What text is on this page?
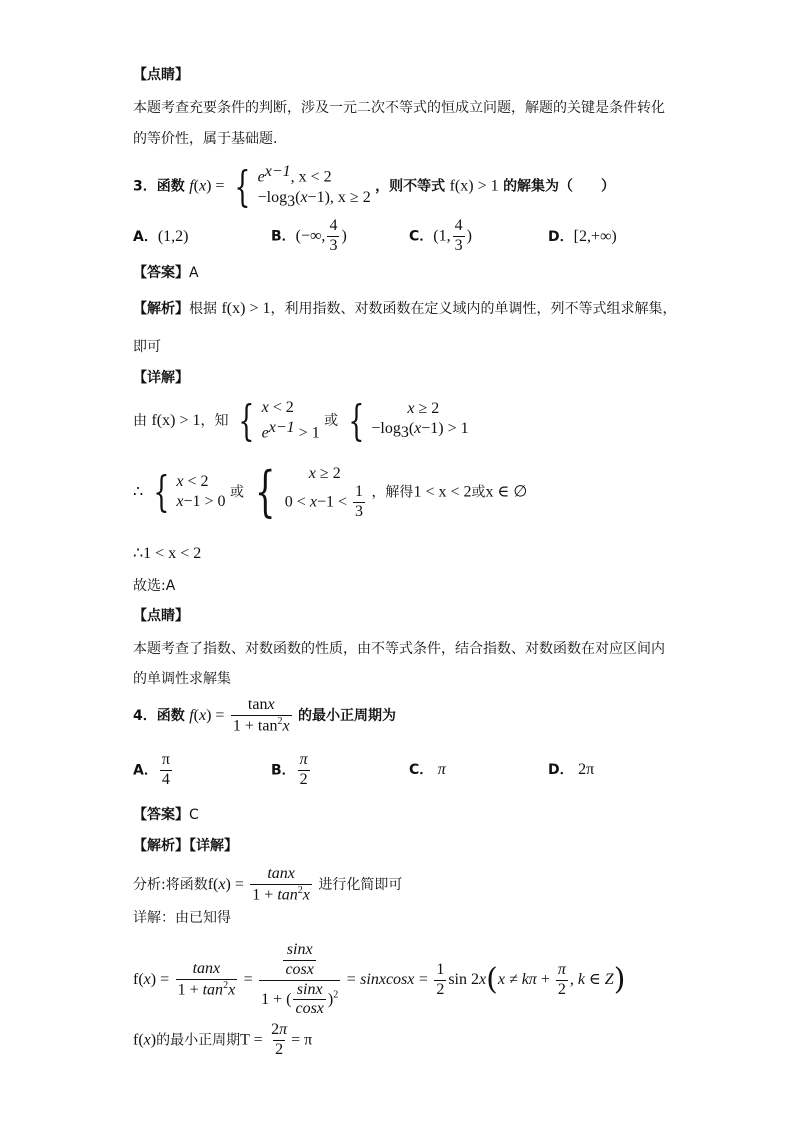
【点睛】
本题考查充要条件的判断，涉及一元二次不等式的恒成立问题，解题的关键是条件转化
的等价性，属于基础题．
3．函数 f(x) = { $e^{x-1}$, x < 2
$-\log_3(x-1)$, x ≥ 2
，则不等式 f(x) > 1 的解集为（　　）
A．(1,2)	B．(−∞, $\frac{4}{3}$ )	C．(1, $\frac{4}{3}$ )	D．[2,+∞)
【答案】A
【解析】根据 f(x) > 1，利用指数、对数函数在定义域内的单调性，列不等式组求解集，
即可
【详解】
由 f(x) > 1，知 { x < 2
$e^{x-1} > 1$
或 {	x ≥ 2
$-\log_3(x-1) > 1$
∴ { x < 2
x−1 > 0
或 {	x ≥ 2
$0 < x-1 < \frac{1}{3}$ ，解得1 < x < 2或x ∈ ∅
∴1 < x < 2
故选:A
【点睛】
本题考查了指数、对数函数的性质，由不等式条件，结合指数、对数函数在对应区间内
的单调性求解集
4．函数 $f(x) = \frac{\tan x}{1 + \tan^2x}$ 的最小正周期为
A． $\frac{\pi}{4}$	B． $\frac{\pi}{2}$	C． π	D． 2π
【答案】C
【解析】【详解】
分析:将函数$f(x) = \frac{\tan x}{1 + \tan^2x}$ 进行化简即可
详解：由已知得
$f(x) = \frac{\tan x}{1 + \tan^2x} = \frac{\frac{\sin x}{\cos x}}{1 + ( \frac{\sin x}{\cos x} )^2}$ = sinxcosx = $\frac{1}{2}$ $\sin 2x(x \ne k\pi + \frac{\pi}{2}$ , k ∈ Z)
f(x)的最小正周期$T = \frac{2\pi}{2} = \pi$
